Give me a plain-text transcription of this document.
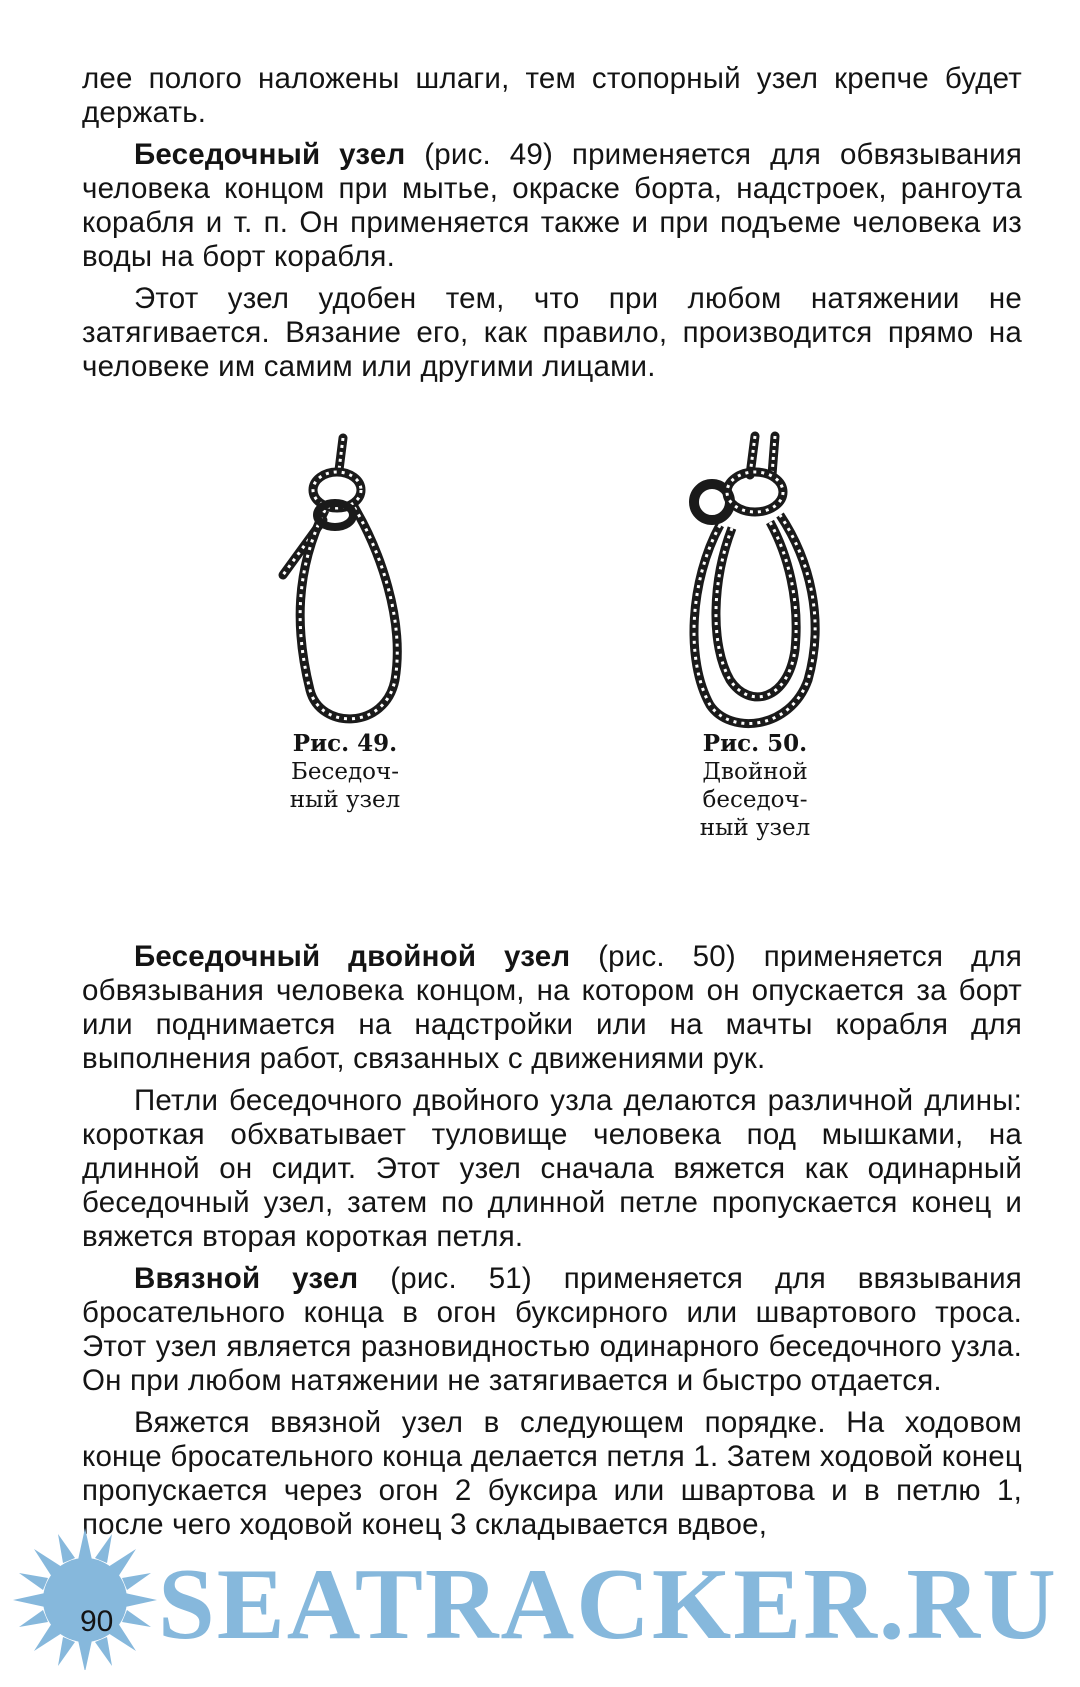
лее полого наложены шлаги, тем стопорный узел крепче будет держать.

Беседочный узел (рис. 49) применяется для обвязывания человека концом при мытье, окраске борта, надстроек, рангоута корабля и т. п. Он применяется также и при подъеме человека из воды на борт корабля.

Этот узел удобен тем, что при любом натяжении не затягивается. Вязание его, как правило, производится прямо на человеке им самим или другими лицами.

Рис. 49.
Беседоч-
ный узел
Рис. 50.
Двойной
беседоч-
ный узел

Беседочный двойной узел (рис. 50) применяется для обвязывания человека концом, на котором он опускается за борт или поднимается на надстройки или на мачты корабля для выполнения работ, связанных с движениями рук.

Петли беседочного двойного узла делаются различной длины: короткая обхватывает туловище человека под мышками, на длинной он сидит. Этот узел сначала вяжется как одинарный беседочный узел, затем по длинной петле пропускается конец и вяжется вторая короткая петля.

Ввязной узел (рис. 51) применяется для ввязывания бросательного конца в огон буксирного или швартового троса. Этот узел является разновидностью одинарного беседочного узла. Он при любом натяжении не затягивается и быстро отдается.

Вяжется ввязной узел в следующем порядке. На ходовом конце бросательного конца делается петля 1. Затем ходовой конец пропускается через огон 2 буксира или швартова и в петлю 1, после чего ходовой конец 3 складывается вдвое,

90 SEATRACKER.RU
